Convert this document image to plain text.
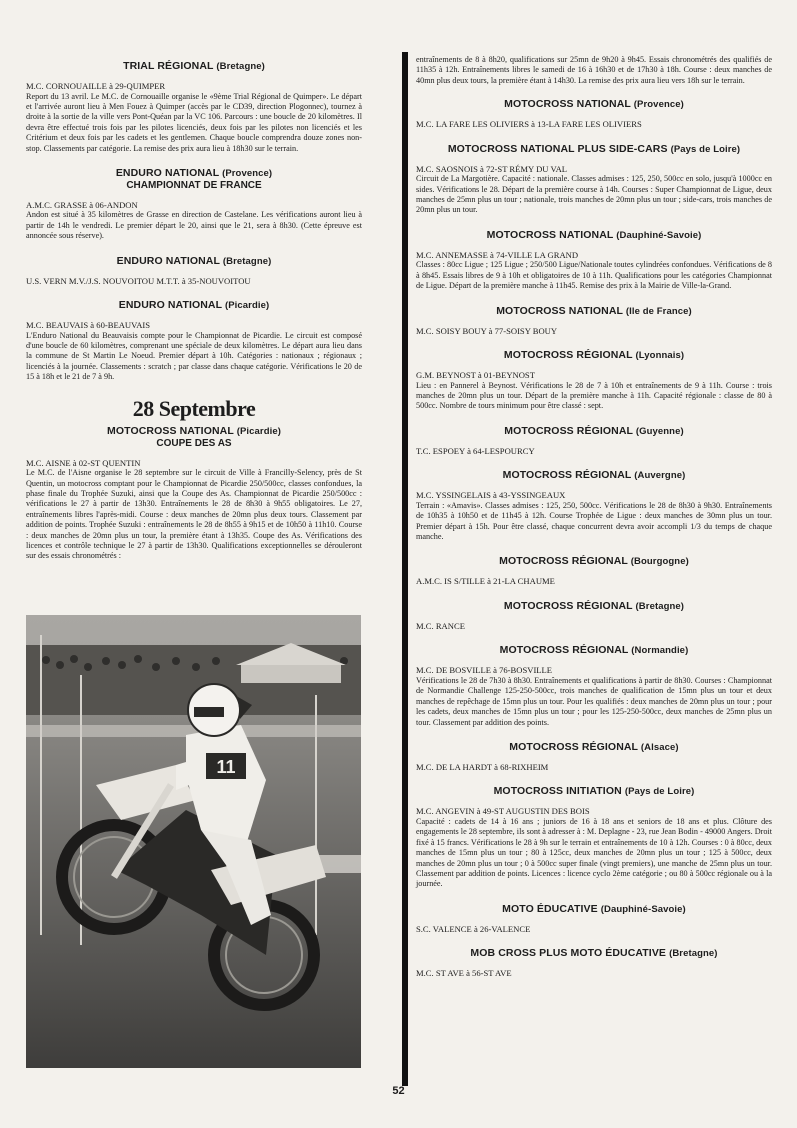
TRIAL RÉGIONAL (Bretagne)

M.C. CORNOUAILLE à 29-QUIMPER

Report du 13 avril. Le M.C. de Cornouaille organise le «9ème Trial Régional de Quimper». Le départ et l'arrivée auront lieu à Men Fouez à Quimper (accès par le CD39, direction Plogonnec), tournez à droite à la sortie de la ville vers Pont-Quéan par la VC 106. Parcours : une boucle de 20 kilomètres. Il devra être effectué trois fois par les pilotes licenciés, deux fois par les pilotes non licenciés et les Critérium et deux fois par les cadets et les gentlemen. Chaque boucle comprendra douze zones non-stop. Classements par catégorie. La remise des prix aura lieu à 18h30 sur le terrain.

ENDURO NATIONAL (Provence)
CHAMPIONNAT DE FRANCE

A.M.C. GRASSE à 06-ANDON

Andon est situé à 35 kilomètres de Grasse en direction de Castelane. Les vérifications auront lieu à partir de 14h le vendredi. Le premier départ le 20, ainsi que le 21, sera à 8h30. (Cette épreuve est annoncée sous réserve).

ENDURO NATIONAL (Bretagne)

U.S. VERN M.V./J.S. NOUVOITOU M.T.T. à 35-NOUVOITOU

ENDURO NATIONAL (Picardie)

M.C. BEAUVAIS à 60-BEAUVAIS

L'Enduro National du Beauvaisis compte pour le Championnat de Picardie. Le circuit est composé d'une boucle de 60 kilomètres, comprenant une spéciale de deux kilomètres. Le départ aura lieu dans la commune de St Martin Le Noeud. Premier départ à 10h. Catégories : nationaux ; régionaux ; licenciés à la journée. Classements : scratch ; par classe dans chaque catégorie. Vérifications le 20 de 15 à 18h et le 21 de 7 à 9h.

28 Septembre
MOTOCROSS NATIONAL (Picardie)
COUPE DES AS

M.C. AISNE à 02-ST QUENTIN

Le M.C. de l'Aisne organise le 28 septembre sur le circuit de Ville à Francilly-Selency, près de St Quentin, un motocross comptant pour le Championnat de Picardie 250/500cc, classes confondues, la phase finale du Trophée Suzuki, ainsi que la Coupe des As. Championnat de Picardie 250/500cc : vérifications le 27 à partir de 13h30. Entraînements le 28 de 8h30 à 9h55 obligatoires. Le 27, entraînements libres l'après-midi. Course : deux manches de 20mn plus deux tours. Classement par addition de points. Trophée Suzuki : entraînements le 28 de 8h55 à 9h15 et de 10h50 à 11h10. Course : deux manches de 20mn plus un tour, la première étant à 13h35. Coupe des As. Vérifications des licences et contrôle technique le 27 à partir de 13h30. Qualifications exceptionnelles se dérouleront sur des essais chronométrés :

11

entraînements de 8 à 8h20, qualifications sur 25mn de 9h20 à 9h45. Essais chronométrés des qualifiés de 11h35 à 12h. Entraînements libres le samedi de 16 à 16h30 et de 17h30 à 18h. Course : deux manches de 40mn plus deux tours, la première étant à 14h30. La remise des prix aura lieu vers 18h sur le terrain.

MOTOCROSS NATIONAL (Provence)

M.C. LA FARE LES OLIVIERS à 13-LA FARE LES OLIVIERS

MOTOCROSS NATIONAL PLUS SIDE-CARS (Pays de Loire)

M.C. SAOSNOIS à 72-ST RÉMY DU VAL

Circuit de La Margotière. Capacité : nationale. Classes admises : 125, 250, 500cc en solo, jusqu'à 1000cc en sides. Vérifications le 28. Départ de la première course à 14h. Courses : Super Championnat de Ligue, deux manches de 25mn plus un tour ; nationale, trois manches de 20mn plus un tour ; side-cars, trois manches de 20mn plus un tour.

MOTOCROSS NATIONAL (Dauphiné-Savoie)

M.C. ANNEMASSE à 74-VILLE LA GRAND

Classes : 80cc Ligue ; 125 Ligue ; 250/500 Ligue/Nationale toutes cylindrées confondues. Vérifications de 8 à 8h45. Essais libres de 9 à 10h et obligatoires de 10 à 11h. Qualifications pour les catégories Championnat de Ligue. Départ de la première manche à 11h45. Remise des prix à la Mairie de Ville-la-Grand.

MOTOCROSS NATIONAL (Ile de France)

M.C. SOISY BOUY à 77-SOISY BOUY

MOTOCROSS RÉGIONAL (Lyonnais)

G.M. BEYNOST à 01-BEYNOST

Lieu : en Pannerel à Beynost. Vérifications le 28 de 7 à 10h et entraînements de 9 à 11h. Course : trois manches de 20mn plus un tour. Départ de la première manche à 11h. Capacité régionale : classe de 80 à 500cc. Nombre de tours minimum pour être classé : sept.

MOTOCROSS RÉGIONAL (Guyenne)

T.C. ESPOEY à 64-LESPOURCY

MOTOCROSS RÉGIONAL (Auvergne)

M.C. YSSINGELAIS à 43-YSSINGEAUX

Terrain : «Amavis». Classes admises : 125, 250, 500cc. Vérifications le 28 de 8h30 à 9h30. Entraînements de 10h35 à 10h50 et de 11h45 à 12h. Course Trophée de Ligue : deux manches de 30mn plus un tour. Premier départ à 15h. Pour être classé, chaque concurrent devra avoir accompli 1/3 du temps de chaque manche.

MOTOCROSS RÉGIONAL (Bourgogne)

A.M.C. IS S/TILLE à 21-LA CHAUME

MOTOCROSS RÉGIONAL (Bretagne)

M.C. RANCE

MOTOCROSS RÉGIONAL (Normandie)

M.C. DE BOSVILLE à 76-BOSVILLE

Vérifications le 28 de 7h30 à 8h30. Entraînements et qualifications à partir de 8h30. Courses : Championnat de Normandie Challenge 125-250-500cc, trois manches de qualification de 15mn plus un tour et deux manches de repêchage de 15mn plus un tour. Pour les qualifiés : deux manches de 20mn plus un tour ; pour les cadets, deux manches de 15mn plus un tour ; pour les 125-250-500cc, deux manches de 25mn plus un tour. Classement par addition des points.

MOTOCROSS RÉGIONAL (Alsace)

M.C. DE LA HARDT à 68-RIXHEIM

MOTOCROSS INITIATION (Pays de Loire)

M.C. ANGEVIN à 49-ST AUGUSTIN DES BOIS

Capacité : cadets de 14 à 16 ans ; juniors de 16 à 18 ans et seniors de 18 ans et plus. Clôture des engagements le 28 septembre, ils sont à adresser à : M. Deplagne - 23, rue Jean Bodin - 49000 Angers. Droit fixé à 15 francs. Vérifications le 28 à 9h sur le terrain et entraînements de 10 à 12h. Courses : 0 à 80cc, deux manches de 15mn plus un tour ; 80 à 125cc, deux manches de 20mn plus un tour ; 125 à 500cc, deux manches de 20mn plus un tour ; 0 à 500cc super finale (vingt premiers), une manche de 25mn plus un tour. Classement par addition de points. Licences : licence cyclo 2ème catégorie ; ou 80 à 500cc régionale ou à la journée.

MOTO ÉDUCATIVE (Dauphiné-Savoie)

S.C. VALENCE à 26-VALENCE

MOB CROSS PLUS MOTO ÉDUCATIVE (Bretagne)

M.C. ST AVE à 56-ST AVE

52
